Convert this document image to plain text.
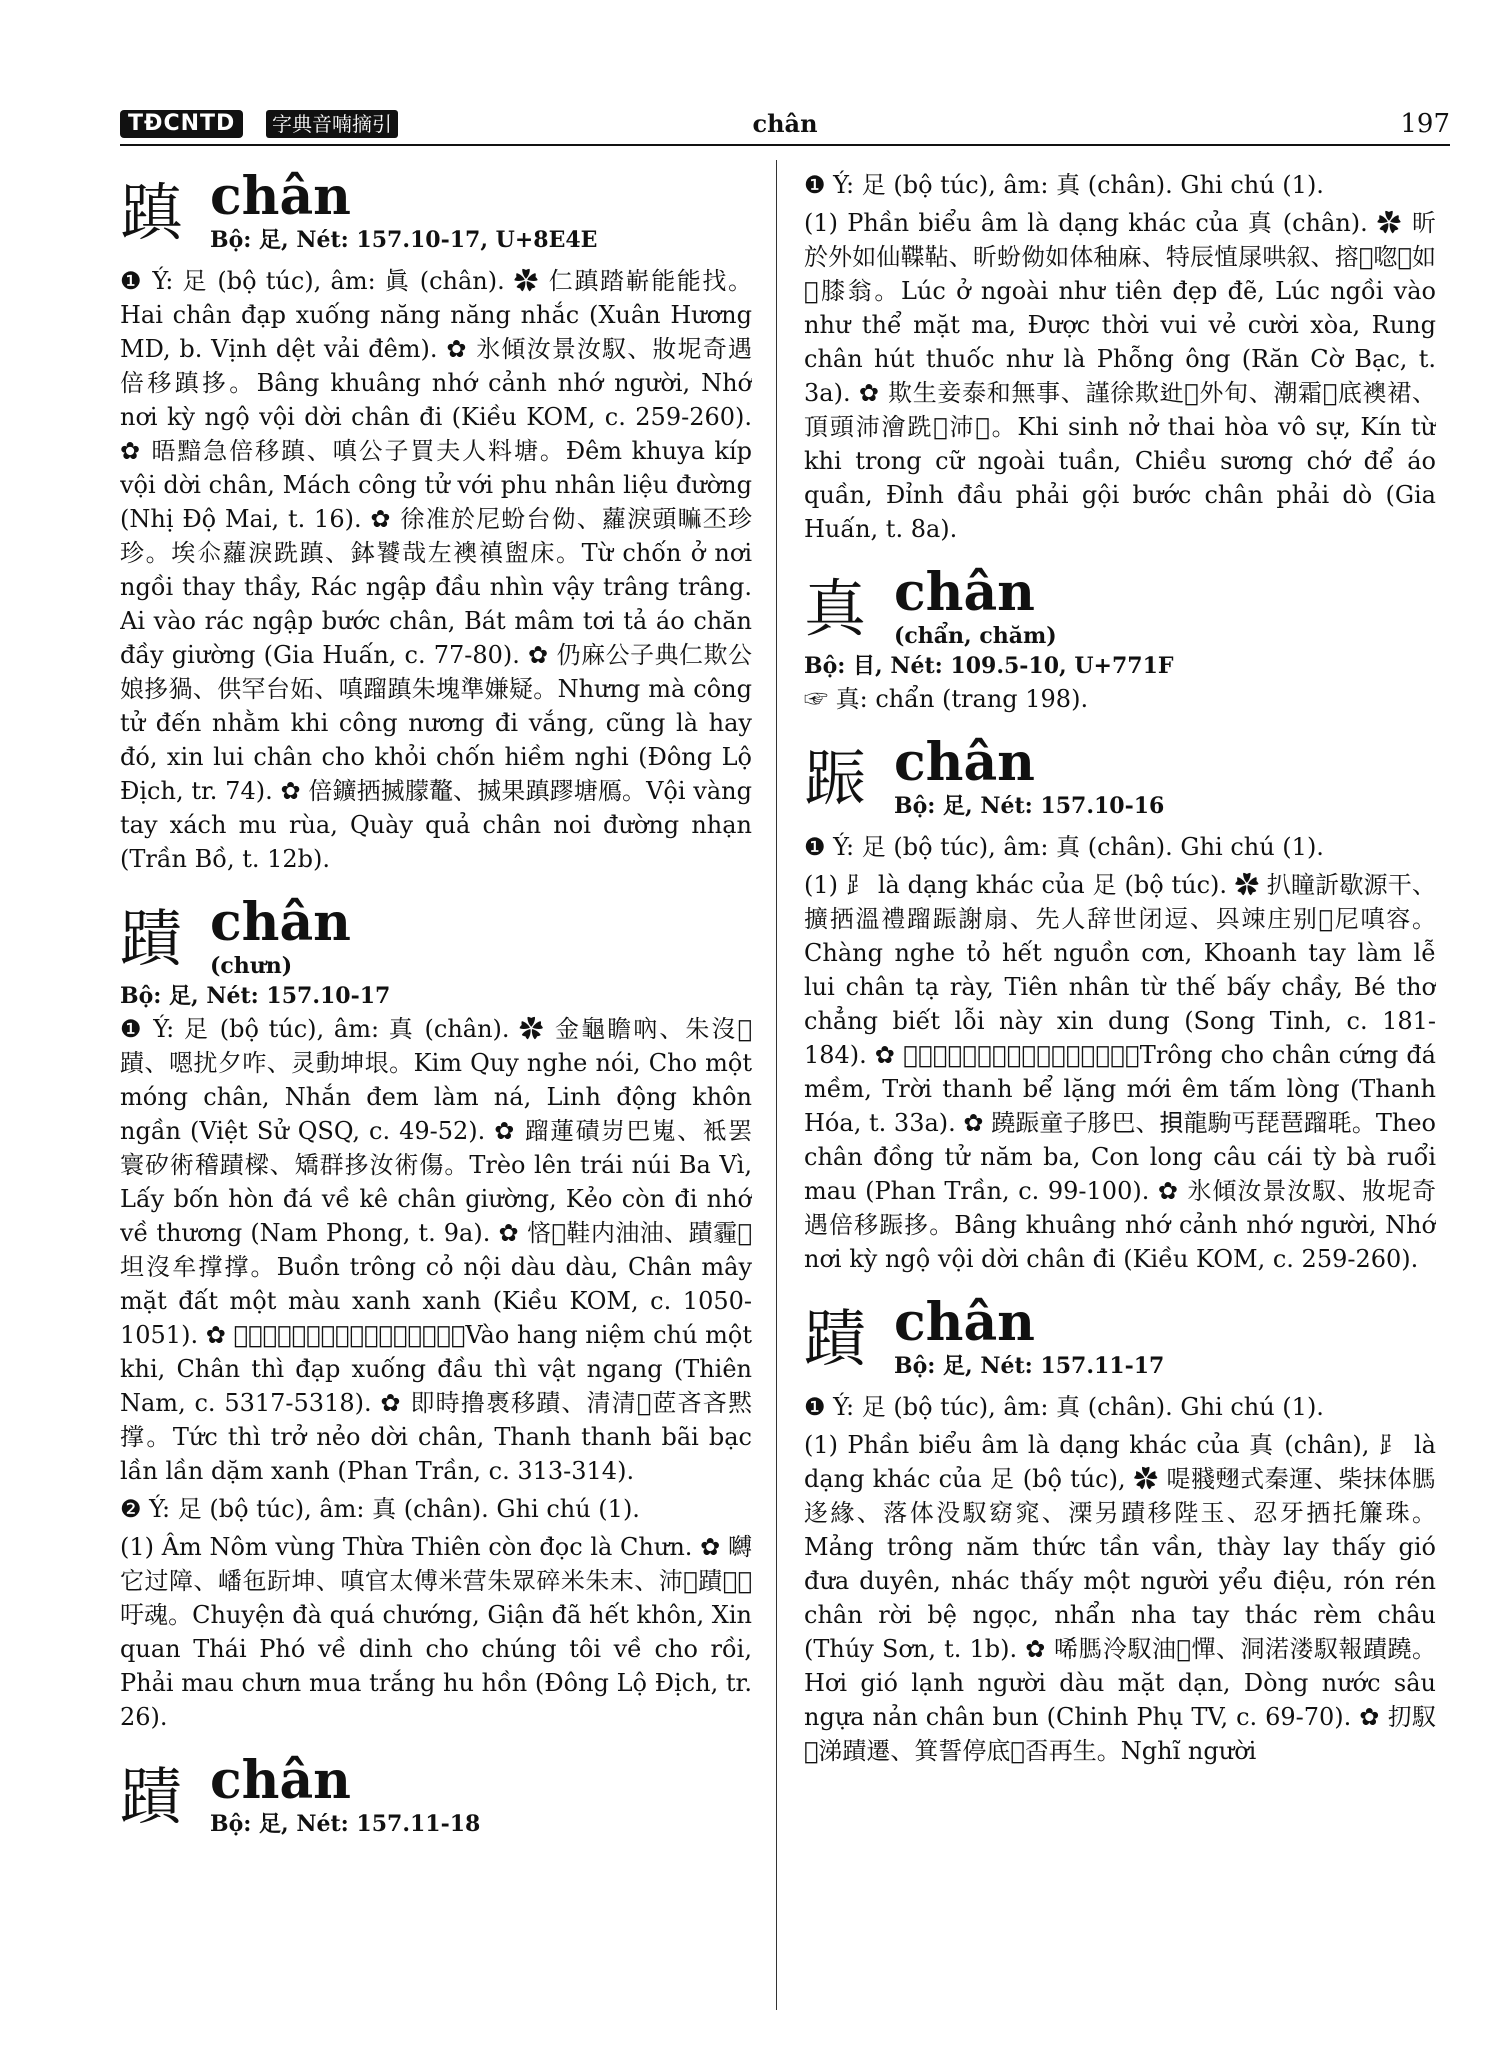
TĐCNTD	字典音喃摘引	chân	197
蹎 chân
Bộ: 足, Nét: 157.10-17, U+8E4E

❶ Ý: 足 (bộ túc), âm: 眞 (chân). ✿ 仁蹎踏嶄能能找。Hai chân đạp xuống năng năng nhắc (Xuân Hương MD, b. Vịnh dệt vải đêm). ✿ 氷傾汝景汝馭、妝坭奇遇倍移蹎拸。Bâng khuâng nhớ cảnh nhớ người, Nhớ nơi kỳ ngộ vội dời chân đi (Kiều KOM, c. 259-260). ✿ 晤黯急倍移蹎、嗔公子買夫人料塘。Đêm khuya kíp vội dời chân, Mách công tử với phu nhân liệu đường (Nhị Độ Mai, t. 16). ✿ 徐准於尼蚡台㑃、蘿淚頭𥊚丕珍珍。埃𠇍蘿淚跣蹎、鉢饕哉左襖禛盥床。Từ chốn ở nơi ngồi thay thầy, Rác ngập đầu nhìn vậy trâng trâng. Ai vào rác ngập bước chân, Bát mâm tơi tả áo chăn đầy giường (Gia Huấn, c. 77-80). ✿ 仍麻公子典仁欺公娘拸猧、供罕台妬、嗔蹓蹎朱塊準嫌疑。Nhưng mà công tử đến nhằm khi công nương đi vắng, cũng là hay đó, xin lui chân cho khỏi chốn hiềm nghi (Đông Lộ Địch, tr. 74). ✿ 倍鑛拪搣朦鼇、搣果蹎蹘塘鴈。Vội vàng tay xách mu rùa, Quày quả chân noi đường nhạn (Trần Bồ, t. 12b).

蹟 chân
(chưn)
Bộ: 足, Nét: 157.10-17

❶ Ý: 足 (bộ túc), âm: 真 (chân). ✿ 金龜瞻吶、朱沒𨆢蹟、嗯扰夕咋、灵動坤垠。Kim Quy nghe nói, Cho một móng chân, Nhắn đem làm ná, Linh động khôn ngần (Việt Sử QSQ, c. 49-52). ✿ 蹓蓮磧岃巴嵬、袛罢寰矽術稽蹟樑、矯群拸汝術傷。Trèo lên trái núi Ba Vì, Lấy bốn hòn đá về kê chân giường, Kẻo còn đi nhớ về thương (Nam Phong, t. 9a). ✿ 悋𣋚鞋内油油、蹟霾𣘈坦沒牟撑撑。Buồn trông cỏ nội dàu dàu, Chân mây mặt đất một màu xanh xanh (Kiều KOM, c. 1050-1051). ✿ 𠓀谽念呪㝵欺、蹟時踏嶄頭時勿昂。Vào hang niệm chú một khi, Chân thì đạp xuống đầu thì vật ngang (Thiên Nam, c. 5317-5318). ✿ 即時撸褭移蹟、清清𡓇茝吝吝黙撑。Tức thì trở nẻo dời chân, Thanh thanh bãi bạc lần lần dặm xanh (Phan Trần, c. 313-314).

❷ Ý: 足 (bộ túc), âm: 真 (chân). Ghi chú (1).

(1) Âm Nôm vùng Thừa Thiên còn đọc là Chưn. ✿ 嚩它过障、嶓㐌䟚坤、嗔官太傅米营朱眾碎米朱末、沛𨂼蹟𩆍𦋦吁魂。Chuyện đà quá chướng, Giận đã hết khôn, Xin quan Thái Phó về dinh cho chúng tôi về cho rồi, Phải mau chưn mua trắng hu hồn (Đông Lộ Địch, tr. 26).

蹟 chân
Bộ: 足, Nét: 157.11-18

❶ Ý: 足 (bộ túc), âm: 真 (chân). Ghi chú (1).

(1) Phần biểu âm là dạng khác của 真 (chân). ✿ 昕於外如仙鞢䩞、昕蚡㑃如体秞麻、特辰㥀㞗哄叙、搈𨂼唿𧄶如𠳒膝翁。Lúc ở ngoài như tiên đẹp đẽ, Lúc ngồi vào như thể mặt ma, Được thời vui vẻ cười xòa, Rung chân hút thuốc như là Phỗng ông (Răn Cờ Bạc, t. 3a). ✿ 欺生妾泰和無事、謹徐欺𨑮𦛌外旬、潮霜𣳔底襖裙、頂頭沛澮跣𨂼沛𥉮。Khi sinh nở thai hòa vô sự, Kín từ khi trong cữ ngoài tuần, Chiều sương chớ để áo quần, Đỉnh đầu phải gội bước chân phải dò (Gia Huấn, t. 8a).

真 chân
(chẩn, chăm)
Bộ: 目, Nét: 109.5-10, U+771F

☞ 真: chẩn (trang 198).

䟴 chân
Bộ: 足, Nét: 157.10-16

❶ Ý: 足 (bộ túc), âm: 真 (chân). Ghi chú (1).

(1) ⻊ là dạng khác của 足 (bộ túc). ✿ 扒瞳訢歇源干、擴拪溫禮蹓䟴謝扇、先人辞世闭逗、㒷竦庄别𣩂尼嗔容。Chàng nghe tỏ hết nguồn cơn, Khoanh tay làm lễ lui chân tạ rày, Tiên nhân từ thế bấy chầy, Bé thơ chẳng biết lỗi này xin dung (Song Tinh, c. 181-184). ✿ 𥉩朱䟴勁矽𨥙、丕清㳥湖買淹𦛋悉。Trông cho chân cứng đá mềm, Trời thanh bể lặng mới êm tấm lòng (Thanh Hóa, t. 33a). ✿ 蹺䟴童子䏧巴、𢭲龍駒丐琵琶蹓毦。Theo chân đồng tử năm ba, Con long câu cái tỳ bà ruổi mau (Phan Trần, c. 99-100). ✿ 氷傾汝景汝馭、妝坭奇遇倍移䟴拸。Bâng khuâng nhớ cảnh nhớ người, Nhớ nơi kỳ ngộ vội dời chân đi (Kiều KOM, c. 259-260).

蹟 chân
Bộ: 足, Nét: 157.11-17

❶ Ý: 足 (bộ túc), âm: 真 (chân). Ghi chú (1).

(1) Phần biểu âm là dạng khác của 真 (chân), ⻊ là dạng khác của 足 (bộ túc), ✿ 㖷䎒𦑃式秦運、柴抹体𦟐迻緣、落体没馭窈窕、溧另蹟移陛玉、忍牙拪托簾珠。Mảng trông năm thức tần vần, thày lay thấy gió đưa duyên, nhác thấy một người yểu điệu, rón rén chân rời bệ ngọc, nhẩn nha tay thác rèm châu (Thúy Sơn, t. 1b). ✿ 唏𦟐泠馭油𣘈憚、洞渃溇馭報蹟蹺。Hơi gió lạnh người dàu mặt dạn, Dòng nước sâu ngựa nản chân bun (Chinh Phụ TV, c. 69-70). ✿ 㧅馭𣘈涕蹟遷、箕誓停底𨀈㫘再生。Nghĩ người
